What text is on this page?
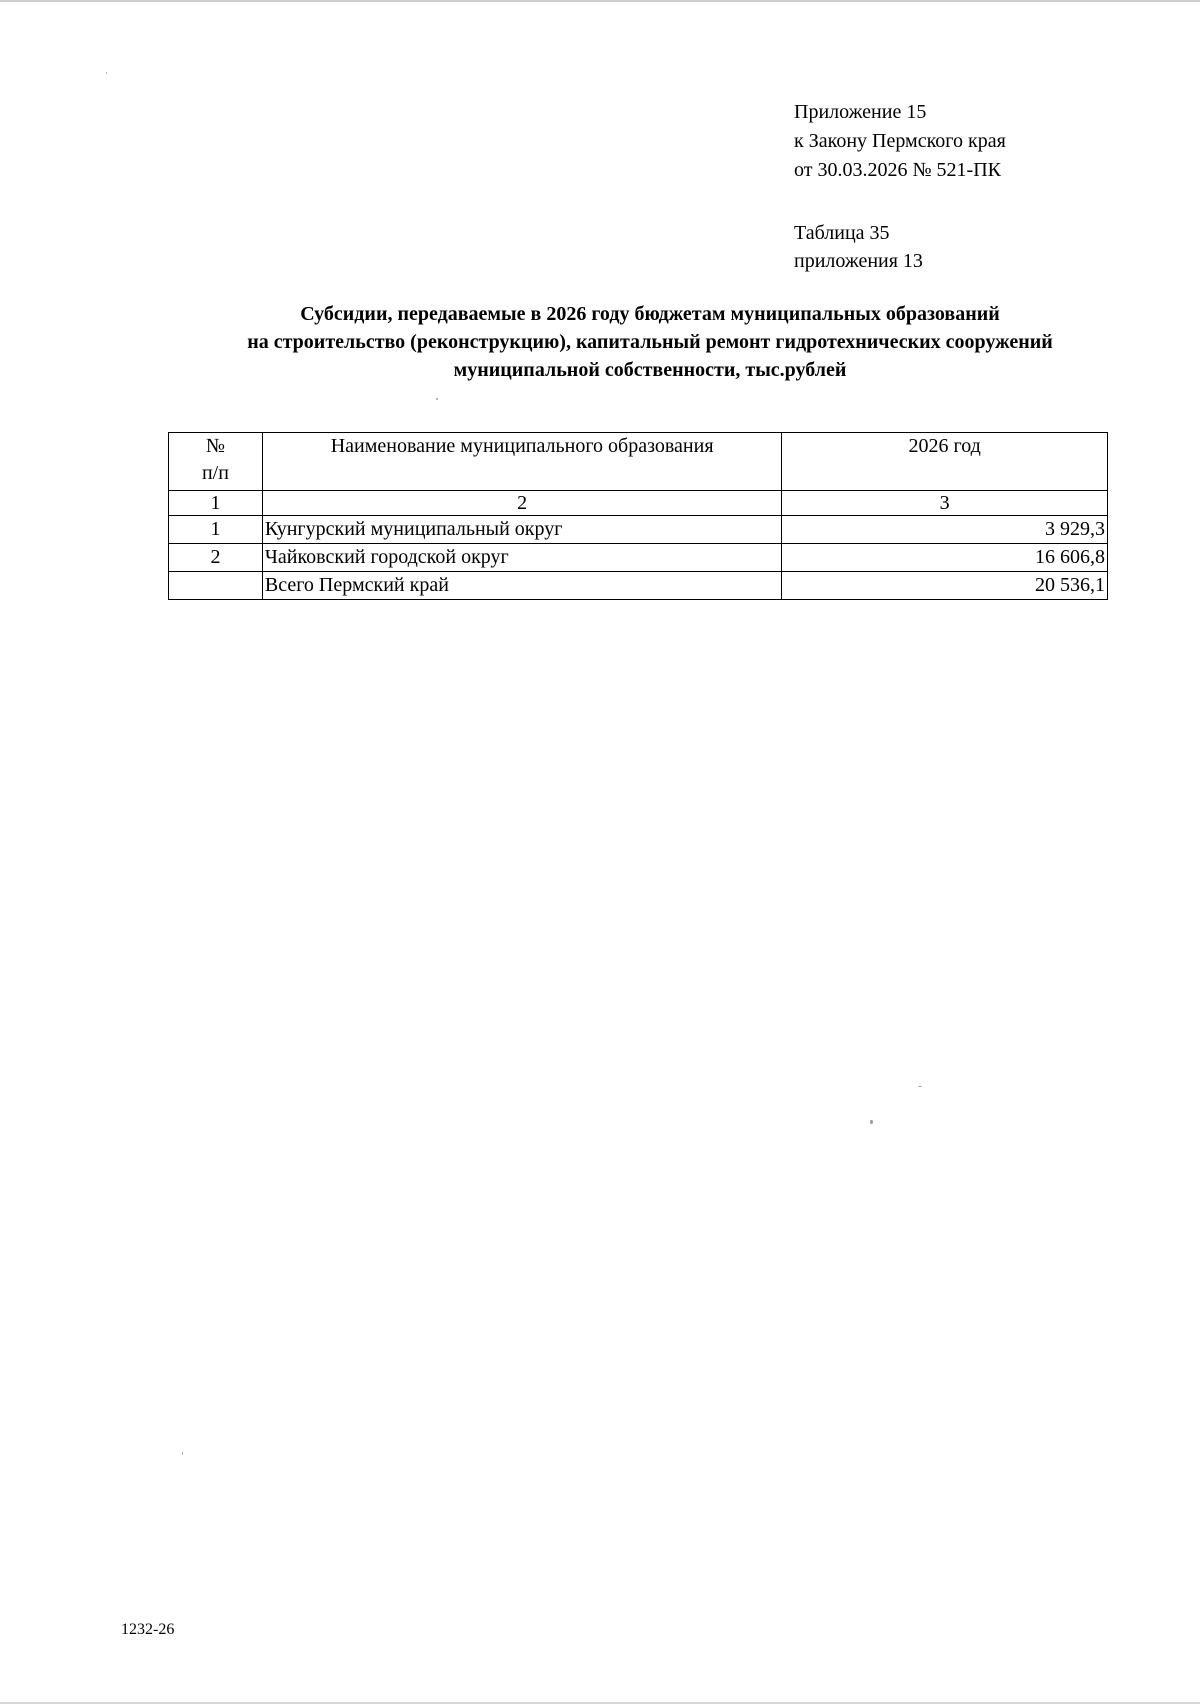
Приложение 15
к Закону Пермского края
от 30.03.2026 № 521-ПК
Таблица 35
приложения 13
Субсидии, передаваемые в 2026 году бюджетам муниципальных образований
на строительство (реконструкцию), капитальный ремонт гидротехнических сооружений
муниципальной собственности, тыс.рублей
№
п/п	Наименование муниципального образования	2026 год
1	2	3
1	Кунгурский муниципальный округ	3 929,3
2	Чайковский городской округ	16 606,8
	Всего Пермский край	20 536,1
1232-26
